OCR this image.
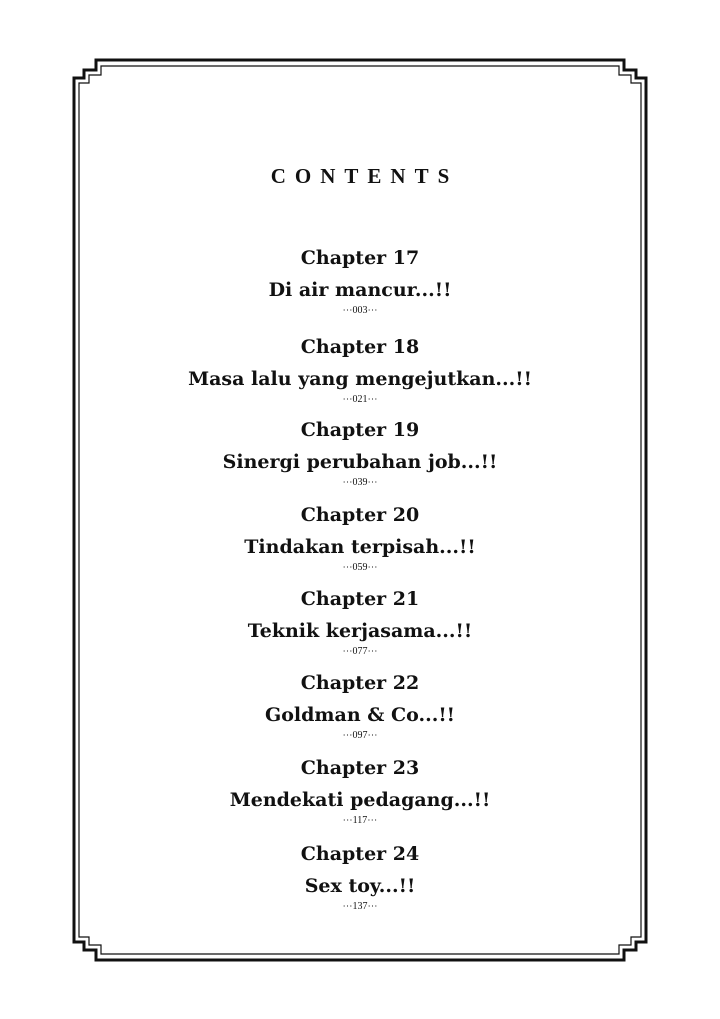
CONTENTS
Chapter 17
Di air mancur...!!
⋯003⋯
Chapter 18
Masa lalu yang mengejutkan...!!
⋯021⋯
Chapter 19
Sinergi perubahan job...!!
⋯039⋯
Chapter 20
Tindakan terpisah...!!
⋯059⋯
Chapter 21
Teknik kerjasama...!!
⋯077⋯
Chapter 22
Goldman & Co...!!
⋯097⋯
Chapter 23
Mendekati pedagang...!!
⋯117⋯
Chapter 24
Sex toy...!!
⋯137⋯
